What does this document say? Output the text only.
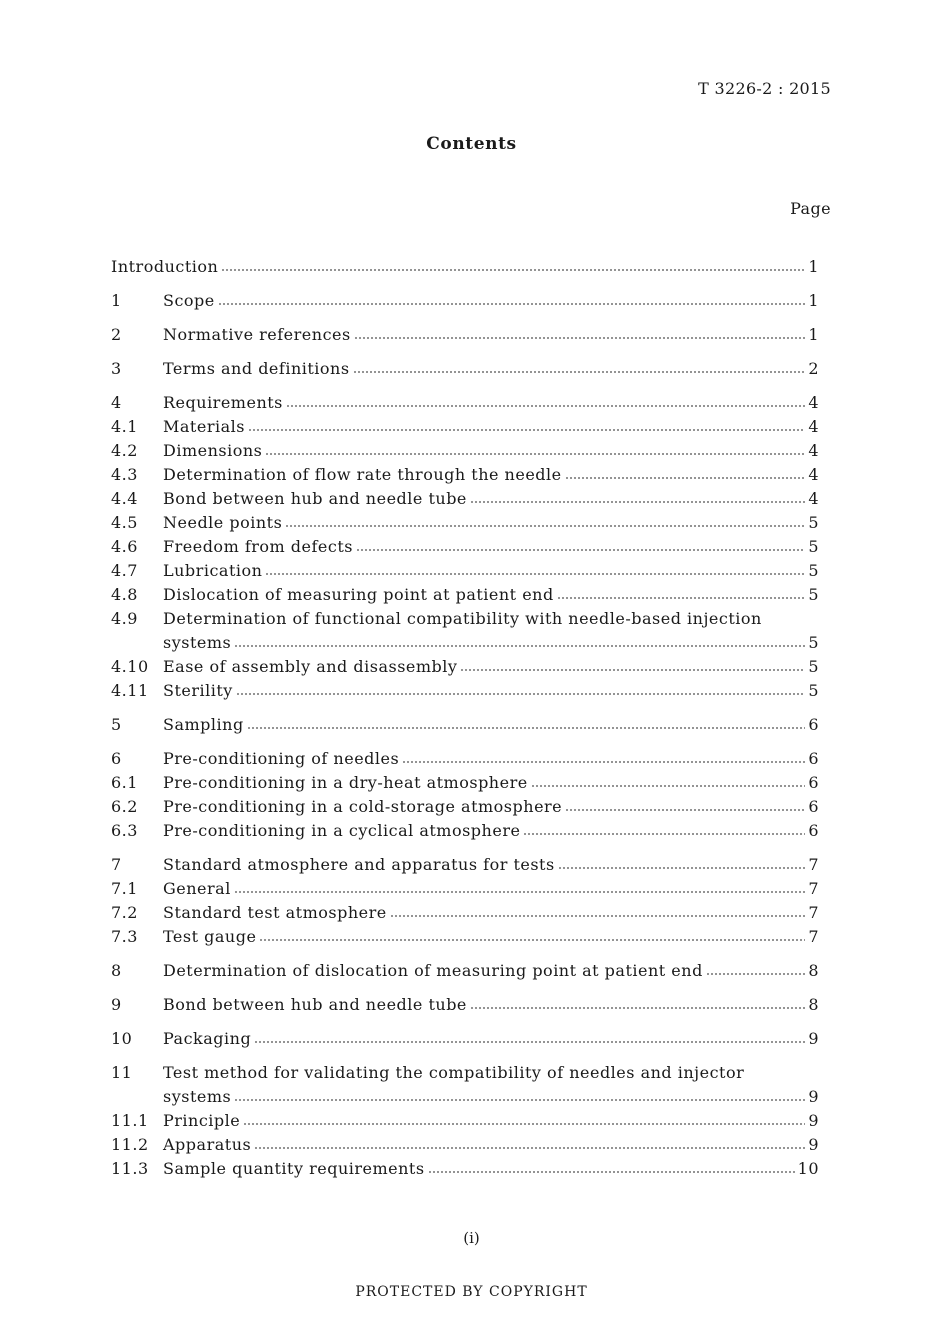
T 3226-2 : 2015
Contents
Page
Introduction	1
1	Scope	1
2	Normative references	1
3	Terms and definitions	2
4	Requirements	4
4.1	Materials	4
4.2	Dimensions	4
4.3	Determination of flow rate through the needle	4
4.4	Bond between hub and needle tube	4
4.5	Needle points	5
4.6	Freedom from defects	5
4.7	Lubrication	5
4.8	Dislocation of measuring point at patient end	5
4.9	Determination of functional compatibility with needle-based injection
systems	5
4.10 Ease of assembly and disassembly	5
4.11 Sterility	5
5	Sampling	6
6	Pre-conditioning of needles	6
6.1	Pre-conditioning in a dry-heat atmosphere	6
6.2	Pre-conditioning in a cold-storage atmosphere	6
6.3	Pre-conditioning in a cyclical atmosphere	6
7	Standard atmosphere and apparatus for tests	7
7.1	General	7
7.2	Standard test atmosphere	7
7.3	Test gauge	7
8	Determination of dislocation of measuring point at patient end	8
9	Bond between hub and needle tube	8
10	Packaging	9
11	Test method for validating the compatibility of needles and injector
systems	9
11.1 Principle	9
11.2 Apparatus	9
11.3 Sample quantity requirements	10
(i)
PROTECTED BY COPYRIGHT
